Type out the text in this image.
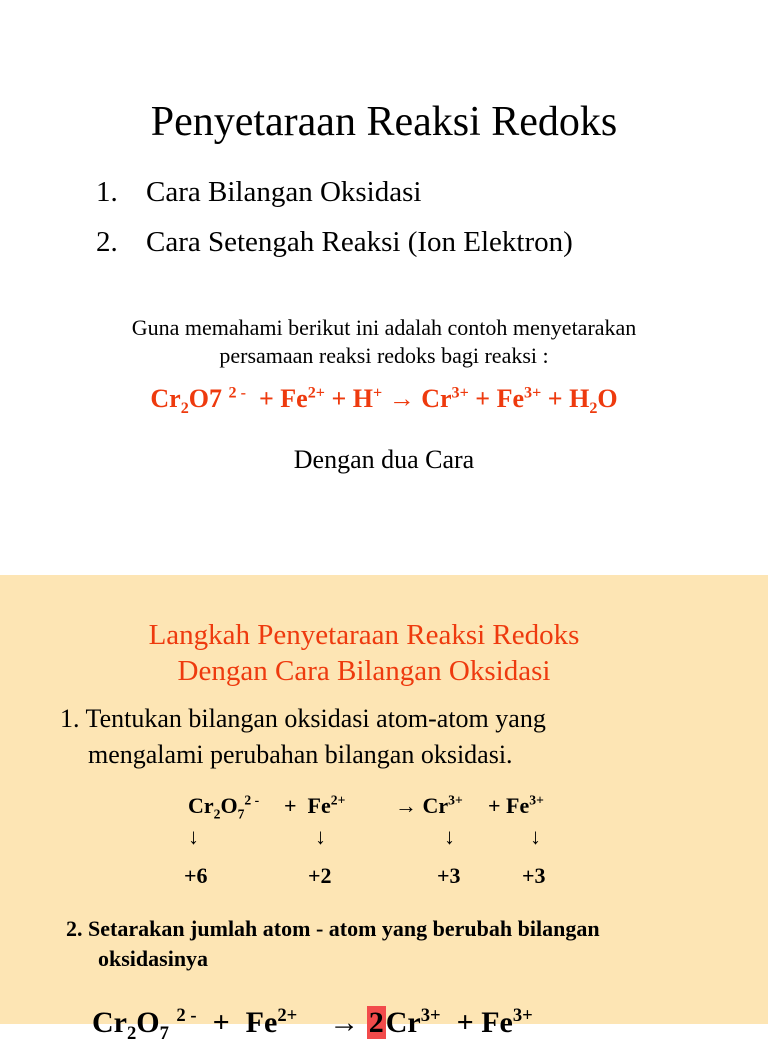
Penyetaraan Reaksi Redoks
1. Cara Bilangan Oksidasi
2. Cara Setengah Reaksi (Ion Elektron)
Guna memahami berikut ini adalah contoh menyetarakan
persamaan reaksi redoks bagi reaksi :
$Cr_2O7$ $^{2 -} + Fe^{2+} + H^+ \to Cr^{3+} + Fe^{3+} + H_2O$
Dengan dua Cara
Langkah Penyetaraan Reaksi Redoks
Dengan Cara Bilangan Oksidasi
1. Tentukan bilangan oksidasi atom-atom yang
mengalami perubahan bilangan oksidasi.
$Cr_2O_7^{2 -} + Fe^{2+} \to Cr^{3+} + Fe^{3+}$
↓	↓	↓	↓
+6	+2	+3	+3
2. Setarakan jumlah atom - atom yang berubah bilangan
oksidasinya
$Cr_2O_7$ $^{2 -} + Fe^{2+} \to 2Cr^{3+} + Fe^{3+}$
